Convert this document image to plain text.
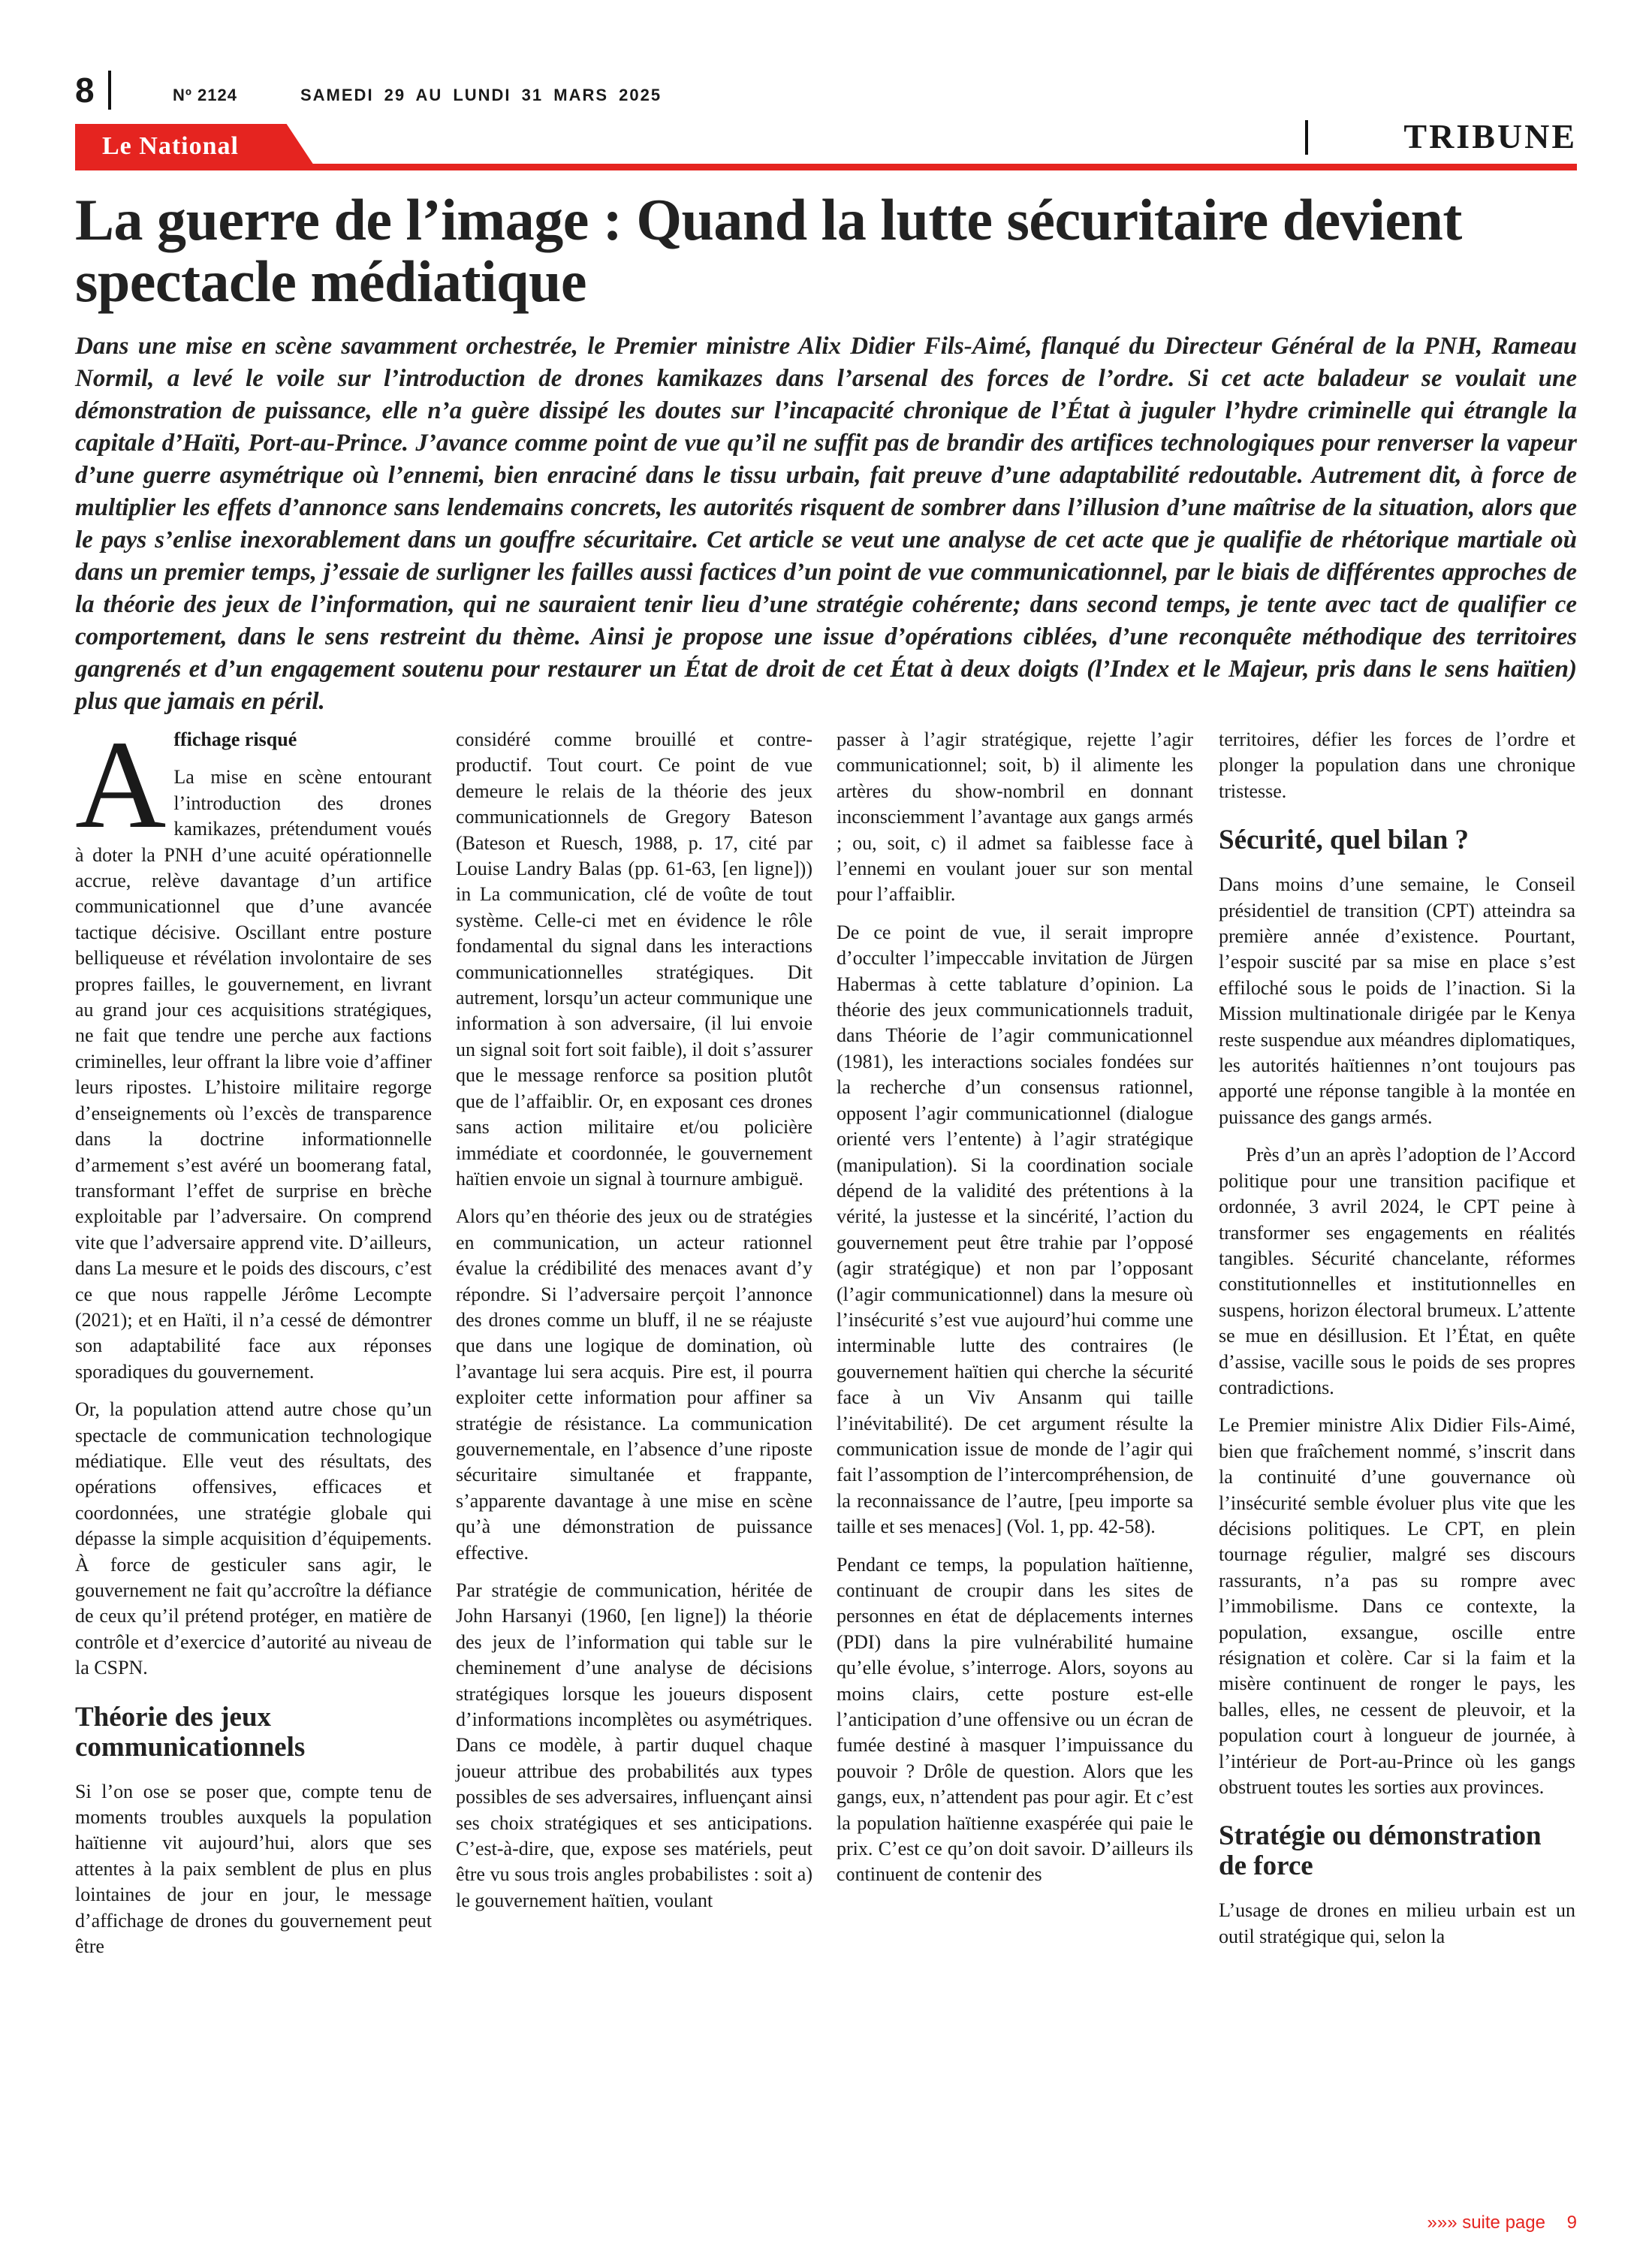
8	Nº 2124	SAMEDI 29 AU LUNDI 31 MARS 2025
Le National	TRIBUNE
La guerre de l’image : Quand la lutte sécuritaire devient spectacle médiatique

Dans une mise en scène savamment orchestrée, le Premier ministre Alix Didier Fils-Aimé, flanqué du Directeur Général de la PNH, Rameau Normil, a levé le voile sur l’introduction de drones kamikazes dans l’arsenal des forces de l’ordre. Si cet acte baladeur se voulait une démonstration de puissance, elle n’a guère dissipé les doutes sur l’incapacité chronique de l’État à juguler l’hydre criminelle qui étrangle la capitale d’Haïti, Port-au-Prince. J’avance comme point de vue qu’il ne suffit pas de brandir des artifices technologiques pour renverser la vapeur d’une guerre asymétrique où l’ennemi, bien enraciné dans le tissu urbain, fait preuve d’une adaptabilité redoutable. Autrement dit, à force de multiplier les effets d’annonce sans lendemains concrets, les autorités risquent de sombrer dans l’illusion d’une maîtrise de la situation, alors que le pays s’enlise inexorablement dans un gouffre sécuritaire. Cet article se veut une analyse de cet acte que je qualifie de rhétorique martiale où dans un premier temps, j’essaie de surligner les failles aussi factices d’un point de vue communicationnel, par le biais de différentes approches de la théorie des jeux de l’information, qui ne sauraient tenir lieu d’une stratégie cohérente; dans second temps, je tente avec tact de qualifier ce comportement, dans le sens restreint du thème. Ainsi je propose une issue d’opérations ciblées, d’une reconquête méthodique des territoires gangrenés et d’un engagement soutenu pour restaurer un État de droit de cet État à deux doigts (l’Index et le Majeur, pris dans le sens haïtien) plus que jamais en péril.

A ffichage risqué

La mise en scène entourant l’introduction des drones kamikazes, prétendument voués à doter la PNH d’une acuité opérationnelle accrue, relève davantage d’un artifice communicationnel que d’une avancée tactique décisive. Oscillant entre posture belliqueuse et révélation involontaire de ses propres failles, le gouvernement, en livrant au grand jour ces acquisitions stratégiques, ne fait que tendre une perche aux factions criminelles, leur offrant la libre voie d’affiner leurs ripostes. L’histoire militaire regorge d’enseignements où l’excès de transparence dans la doctrine informationnelle d’armement s’est avéré un boomerang fatal, transformant l’effet de surprise en brèche exploitable par l’adversaire. On comprend vite que l’adversaire apprend vite. D’ailleurs, dans La mesure et le poids des discours, c’est ce que nous rappelle Jérôme Lecompte (2021); et en Haïti, il n’a cessé de démontrer son adaptabilité face aux réponses sporadiques du gouvernement.

Or, la population attend autre chose qu’un spectacle de communication technologique médiatique. Elle veut des résultats, des opérations offensives, efficaces et coordonnées, une stratégie globale qui dépasse la simple acquisition d’équipements. À force de gesticuler sans agir, le gouvernement ne fait qu’accroître la défiance de ceux qu’il prétend protéger, en matière de contrôle et d’exercice d’autorité au niveau de la CSPN.

Théorie des jeux communicationnels

Si l’on ose se poser que, compte tenu de moments troubles auxquels la population haïtienne vit aujourd’hui, alors que ses attentes à la paix semblent de plus en plus lointaines de jour en jour, le message d’affichage de drones du gouvernement peut être

considéré comme brouillé et contre-productif. Tout court. Ce point de vue demeure le relais de la théorie des jeux communicationnels de Gregory Bateson (Bateson et Ruesch, 1988, p. 17, cité par Louise Landry Balas (pp. 61-63, [en ligne])) in La communication, clé de voûte de tout système. Celle-ci met en évidence le rôle fondamental du signal dans les interactions communicationnelles stratégiques. Dit autrement, lorsqu’un acteur communique une information à son adversaire, (il lui envoie un signal soit fort soit faible), il doit s’assurer que le message renforce sa position plutôt que de l’affaiblir. Or, en exposant ces drones sans action militaire et/ou policière immédiate et coordonnée, le gouvernement haïtien envoie un signal à tournure ambiguë.

Alors qu’en théorie des jeux ou de stratégies en communication, un acteur rationnel évalue la crédibilité des menaces avant d’y répondre. Si l’adversaire perçoit l’annonce des drones comme un bluff, il ne se réajuste que dans une logique de domination, où l’avantage lui sera acquis. Pire est, il pourra exploiter cette information pour affiner sa stratégie de résistance. La communication gouvernementale, en l’absence d’une riposte sécuritaire simultanée et frappante, s’apparente davantage à une mise en scène qu’à une démonstration de puissance effective.

Par stratégie de communication, héritée de John Harsanyi (1960, [en ligne]) la théorie des jeux de l’information qui table sur le cheminement d’une analyse de décisions stratégiques lorsque les joueurs disposent d’informations incomplètes ou asymétriques. Dans ce modèle, à partir duquel chaque joueur attribue des probabilités aux types possibles de ses adversaires, influençant ainsi ses choix stratégiques et ses anticipations. C’est-à-dire, que, expose ses matériels, peut être vu sous trois angles probabilistes : soit a) le gouvernement haïtien, voulant

passer à l’agir stratégique, rejette l’agir communicationnel; soit, b) il alimente les artères du show-nombril en donnant inconsciemment l’avantage aux gangs armés ; ou, soit, c) il admet sa faiblesse face à l’ennemi en voulant jouer sur son mental pour l’affaiblir.

De ce point de vue, il serait impropre d’occulter l’impeccable invitation de Jürgen Habermas à cette tablature d’opinion. La théorie des jeux communicationnels traduit, dans Théorie de l’agir communicationnel (1981), les interactions sociales fondées sur la recherche d’un consensus rationnel, opposent l’agir communicationnel (dialogue orienté vers l’entente) à l’agir stratégique (manipulation). Si la coordination sociale dépend de la validité des prétentions à la vérité, la justesse et la sincérité, l’action du gouvernement peut être trahie par l’opposé (agir stratégique) et non par l’opposant (l’agir communicationnel) dans la mesure où l’insécurité s’est vue aujourd’hui comme une interminable lutte des contraires (le gouvernement haïtien qui cherche la sécurité face à un Viv Ansanm qui taille l’inévitabilité). De cet argument résulte la communication issue de monde de l’agir qui fait l’assomption de l’intercompréhension, de la reconnaissance de l’autre, [peu importe sa taille et ses menaces] (Vol. 1, pp. 42-58).

Pendant ce temps, la population haïtienne, continuant de croupir dans les sites de personnes en état de déplacements internes (PDI) dans la pire vulnérabilité humaine qu’elle évolue, s’interroge. Alors, soyons au moins clairs, cette posture est-elle l’anticipation d’une offensive ou un écran de fumée destiné à masquer l’impuissance du pouvoir ? Drôle de question. Alors que les gangs, eux, n’attendent pas pour agir. Et c’est la population haïtienne exaspérée qui paie le prix. C’est ce qu’on doit savoir. D’ailleurs ils continuent de contenir des

territoires, défier les forces de l’ordre et plonger la population dans une chronique tristesse.

Sécurité, quel bilan ?

Dans moins d’une semaine, le Conseil présidentiel de transition (CPT) atteindra sa première année d’existence. Pourtant, l’espoir suscité par sa mise en place s’est effiloché sous le poids de l’inaction. Si la Mission multinationale dirigée par le Kenya reste suspendue aux méandres diplomatiques, les autorités haïtiennes n’ont toujours pas apporté une réponse tangible à la montée en puissance des gangs armés.

Près d’un an après l’adoption de l’Accord politique pour une transition pacifique et ordonnée, 3 avril 2024, le CPT peine à transformer ses engagements en réalités tangibles. Sécurité chancelante, réformes constitutionnelles et institutionnelles en suspens, horizon électoral brumeux. L’attente se mue en désillusion. Et l’État, en quête d’assise, vacille sous le poids de ses propres contradictions.

Le Premier ministre Alix Didier Fils-Aimé, bien que fraîchement nommé, s’inscrit dans la continuité d’une gouvernance où l’insécurité semble évoluer plus vite que les décisions politiques. Le CPT, en plein tournage régulier, malgré ses discours rassurants, n’a pas su rompre avec l’immobilisme. Dans ce contexte, la population, exsangue, oscille entre résignation et colère. Car si la faim et la misère continuent de ronger le pays, les balles, elles, ne cessent de pleuvoir, et la population court à longueur de journée, à l’intérieur de Port-au-Prince où les gangs obstruent toutes les sorties aux provinces.

Stratégie ou démonstration de force

L’usage de drones en milieu urbain est un outil stratégique qui, selon la

»»» suite page 9
